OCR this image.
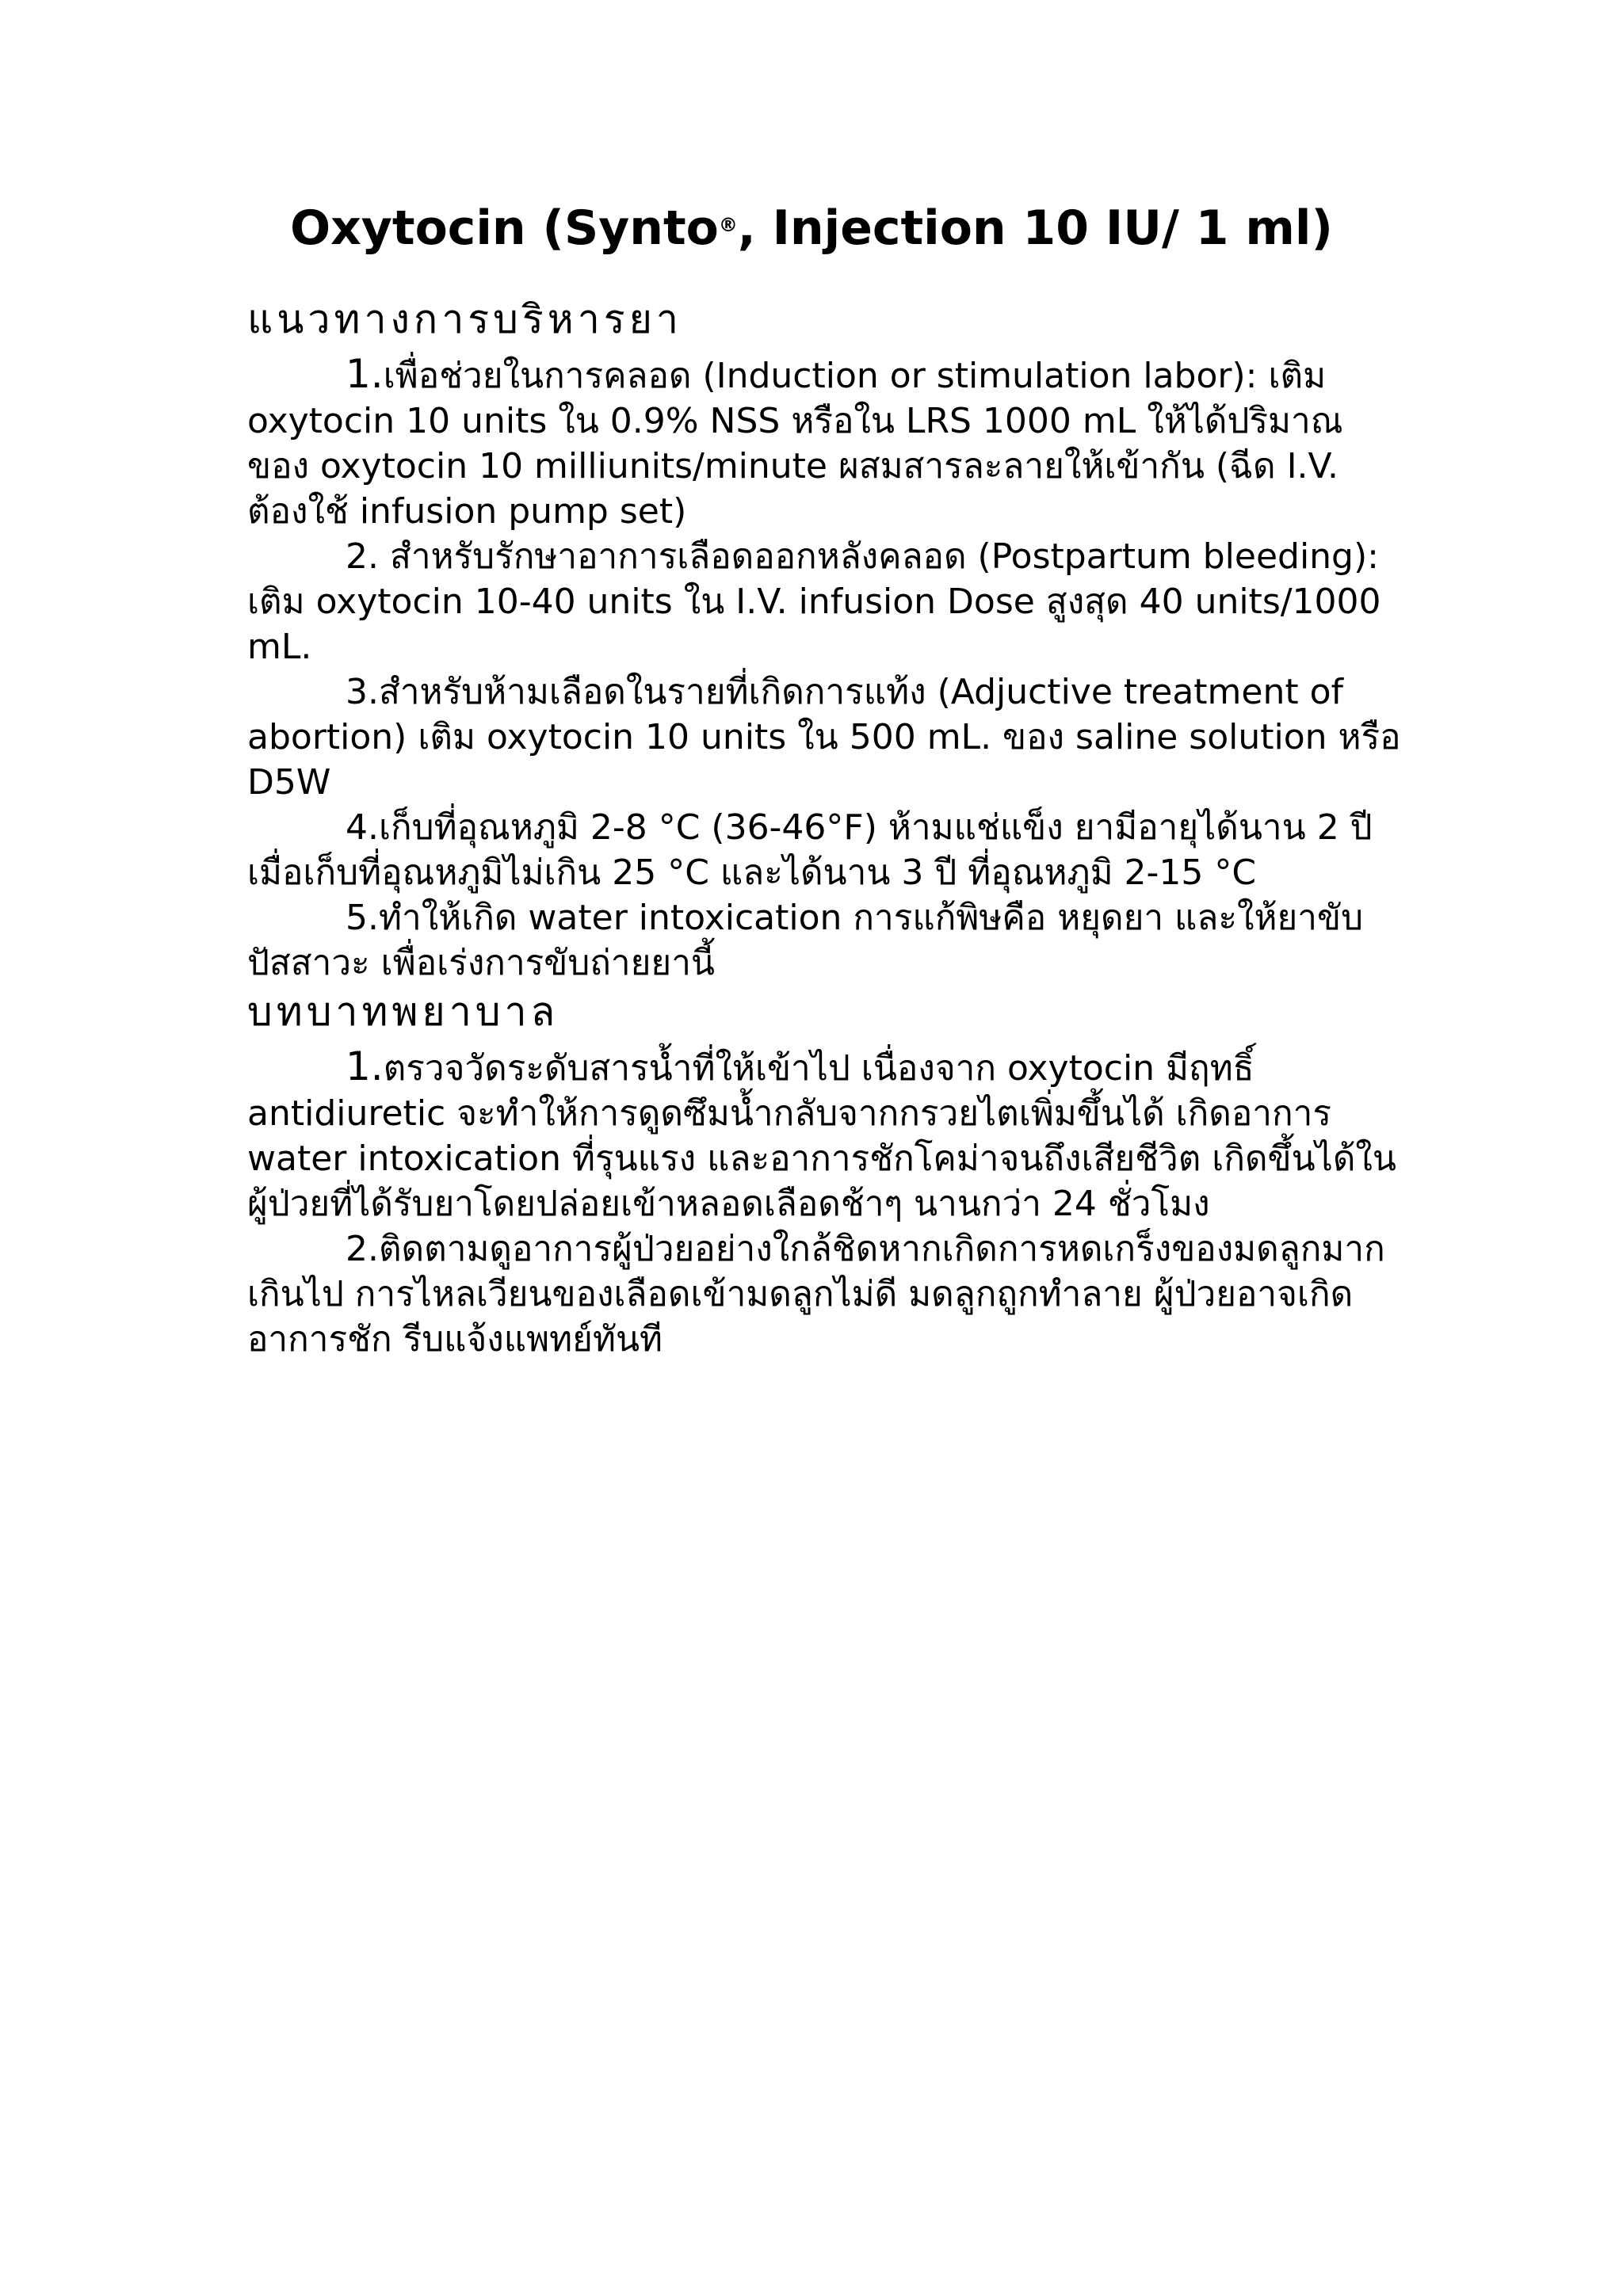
Oxytocin (Synto®, Injection 10 IU/ 1 ml)
แนวทางการบริหารยา

1.เพื่อช่วยในการคลอด (Induction or stimulation labor): เติม oxytocin 10 units ใน 0.9% NSS หรือใน LRS 1000 mL ให้ได้ปริมาณของ oxytocin 10 milliunits/minute ผสมสารละลายให้เข้ากัน (ฉีด I.V. ต้องใช้ infusion pump set)

2. สำหรับรักษาอาการเลือดออกหลังคลอด (Postpartum bleeding): เติม oxytocin 10-40 units ใน I.V. infusion Dose สูงสุด 40 units/1000 mL.

3.สำหรับห้ามเลือดในรายที่เกิดการแท้ง (Adjuctive treatment of abortion) เติม oxytocin 10 units ใน 500 mL. ของ saline solution หรือ D5W

4.เก็บที่อุณหภูมิ 2-8 °C (36-46°F) ห้ามแช่แข็ง ยามีอายุได้นาน 2 ปี เมื่อเก็บที่อุณหภูมิไม่เกิน 25 °C และได้นาน 3 ปี ที่อุณหภูมิ 2-15 °C

5.ทำให้เกิด water intoxication การแก้พิษคือ หยุดยา และให้ยาขับปัสสาวะ เพื่อเร่งการขับถ่ายยานี้

บทบาทพยาบาล

1.ตรวจวัดระดับสารน้ำที่ให้เข้าไป เนื่องจาก oxytocin มีฤทธิ์ antidiuretic จะทำให้การดูดซึมน้ำกลับจากกรวยไตเพิ่มขึ้นได้ เกิดอาการ water intoxication ที่รุนแรง และอาการชักโคม่าจนถึงเสียชีวิต เกิดขึ้นได้ในผู้ป่วยที่ได้รับยาโดยปล่อยเข้าหลอดเลือดช้าๆ นานกว่า 24 ชั่วโมง

2.ติดตามดูอาการผู้ป่วยอย่างใกล้ชิดหากเกิดการหดเกร็งของมดลูกมากเกินไป การไหลเวียนของเลือดเข้ามดลูกไม่ดี มดลูกถูกทำลาย ผู้ป่วยอาจเกิดอาการชัก รีบแจ้งแพทย์ทันที
